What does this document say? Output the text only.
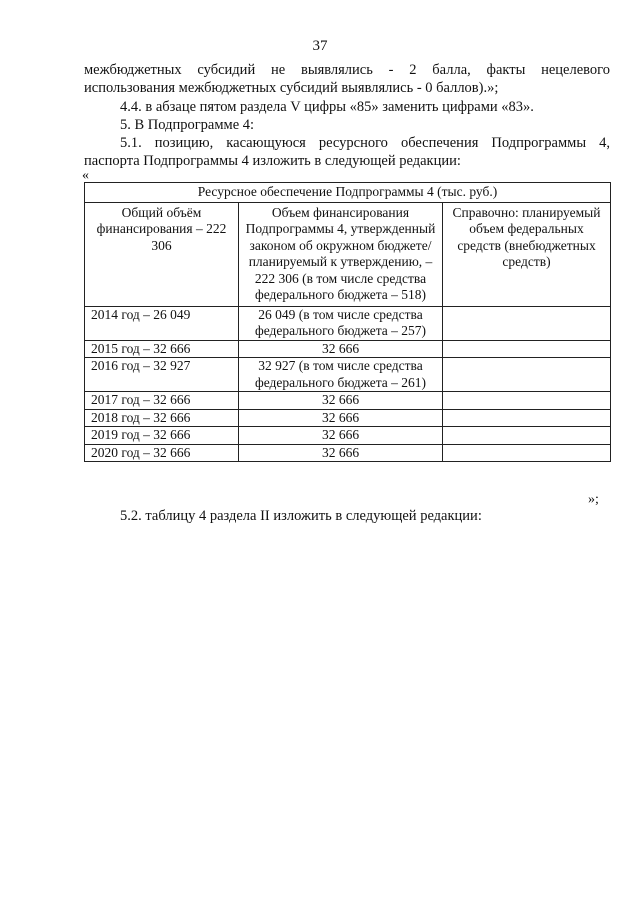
37
межбюджетных субсидий не выявлялись - 2 балла, факты нецелевого
использования межбюджетных субсидий выявлялись - 0 баллов).»;
4.4. в абзаце пятом раздела V цифры «85» заменить цифрами «83».
5. В Подпрограмме 4:
5.1. позицию, касающуюся ресурсного обеспечения Подпрограммы 4,
паспорта Подпрограммы 4 изложить в следующей редакции:
«
Ресурсное обеспечение Подпрограммы 4 (тыс. руб.)		
Общий объём финансирования – 222 306	Объем финансирования Подпрограммы 4, утвержденный законом об окружном бюджете/планируемый к утверждению, – 222 306 (в том числе средства федерального бюджета – 518)	Справочно: планируемый объем федеральных средств (внебюджетных средств)
2014 год – 26 049	26 049 (в том числе средства федерального бюджета – 257)	
2015 год – 32 666	32 666	
2016 год – 32 927	32 927 (в том числе средства федерального бюджета – 261)	
2017 год – 32 666	32 666	
2018 год – 32 666	32 666	
2019 год – 32 666	32 666	
2020 год – 32 666	32 666	
»;
5.2. таблицу 4 раздела II изложить в следующей редакции:
